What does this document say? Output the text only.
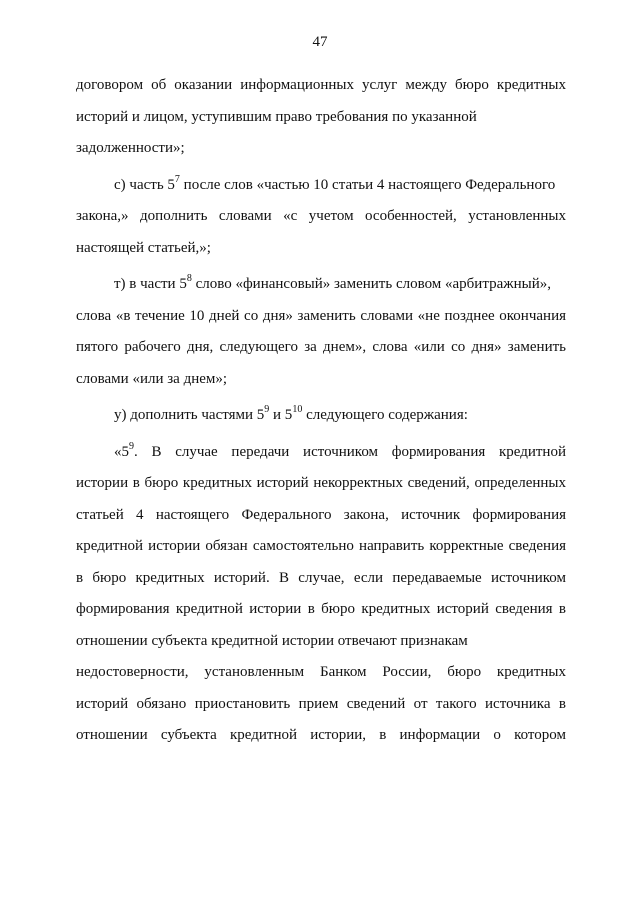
47

договором об оказании информационных услуг между бюро кредитных
историй и лицом, уступившим право требования по указанной
задолженности»;

с) часть $5^7$ после слов «частью 10 статьи 4 настоящего Федерального
закона,» дополнить словами «с учетом особенностей, установленных
настоящей статьей,»;

т) в части $5^8$ слово «финансовый» заменить словом «арбитражный»,
слова «в течение 10 дней со дня» заменить словами «не позднее окончания
пятого рабочего дня, следующего за днем», слова «или со дня» заменить
словами «или за днем»;

у) дополнить частями $5^9$ и $5^{10}$ следующего содержания:

«$5^9$. В случае передачи источником формирования кредитной
истории в бюро кредитных историй некорректных сведений, определенных
статьей 4 настоящего Федерального закона, источник формирования
кредитной истории обязан самостоятельно направить корректные сведения
в бюро кредитных историй. В случае, если передаваемые источником
формирования кредитной истории в бюро кредитных историй сведения в
отношении субъекта кредитной истории отвечают признакам
недостоверности, установленным Банком России, бюро кредитных
историй обязано приостановить прием сведений от такого источника в
отношении субъекта кредитной истории, в информации о котором
